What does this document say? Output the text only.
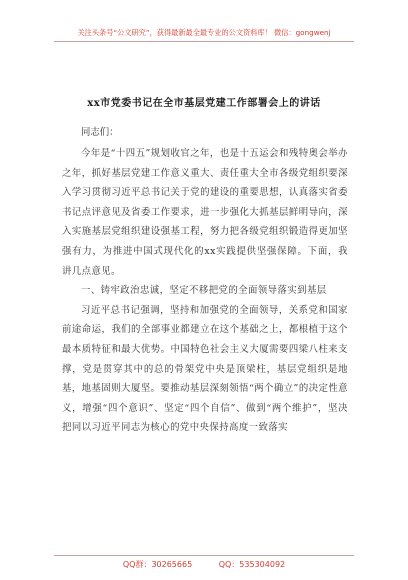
关注头条号“公文研究”，获得最新最全最专业的公文资料库！ 微信：gongwenj
xx市党委书记在全市基层党建工作部署会上的讲话

同志们：

今年是“十四五”规划收官之年，也是十五运会和残特奥会举办之年，抓好基层党建工作意义重大、责任重大全市各级党组织要深入学习贯彻习近平总书记关于党的建设的重要思想，认真落实省委书记点评意见及省委工作要求，进一步强化大抓基层鲜明导向，深入实施基层党组织建设强基工程，努力把各级党组织锻造得更加坚强有力，为推进中国式现代化的xx实践提供坚强保障。下面，我讲几点意见。

一、铸牢政治忠诚，坚定不移把党的全面领导落实到基层

习近平总书记强调，坚持和加强党的全面领导，关系党和国家前途命运，我们的全部事业都建立在这个基础之上，都根植于这个最本质特征和最大优势。中国特色社会主义大厦需要四梁八柱来支撑，党是贯穿其中的总的骨架党中央是顶梁柱，基层党组织是地基，地基固则大厦坚。要推动基层深刻领悟“两个确立”的决定性意义，增强“四个意识”、坚定“四个自信”、做到“两个维护”，坚决把同以习近平同志为核心的党中央保持高度一致落实

QQ群：30265665	QQ：535304092
